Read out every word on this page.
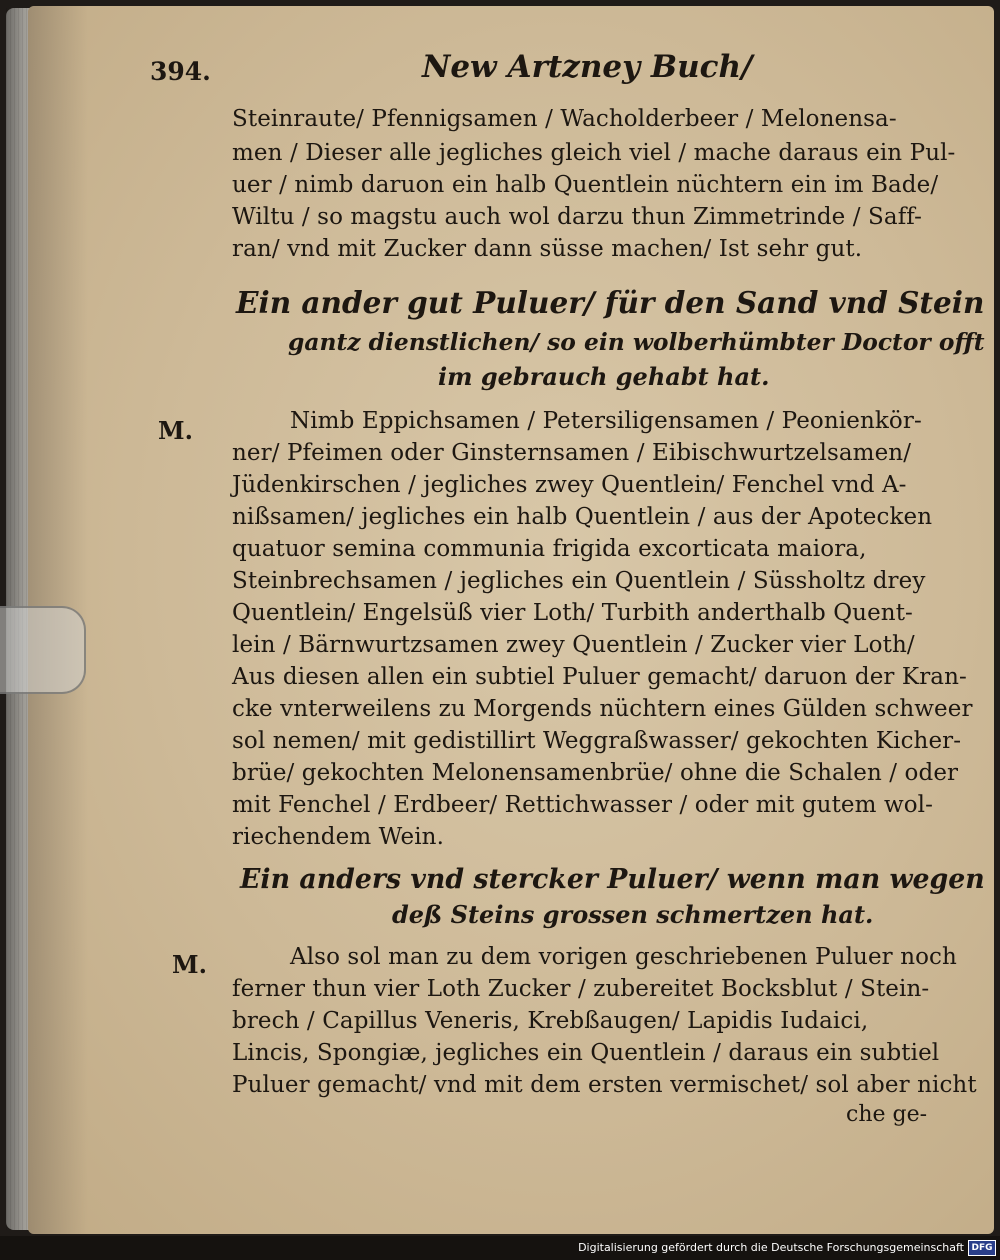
394.	New Artzney Buch/
Steinraute/ Pfennigsamen / Wacholderbeer / Melonensa-
men / Dieser alle jegliches gleich viel / mache daraus ein Pul-
uer / nimb daruon ein halb Quentlein nüchtern ein im Bade/
Wiltu / so magstu auch wol darzu thun Zimmetrinde / Saff-
ran/ vnd mit Zucker dann süsse machen/ Ist sehr gut.
Ein ander gut Puluer/ für den Sand vnd Stein
gantz dienstlichen/ so ein wolberhümbter Doctor offt
im gebrauch gehabt hat.
M.	Nimb Eppichsamen / Petersiligensamen / Peonienkör-
ner/ Pfeimen oder Ginsternsamen / Eibischwurtzelsamen/
Jüdenkirschen / jegliches zwey Quentlein/ Fenchel vnd A-
nißsamen/ jegliches ein halb Quentlein / aus der Apotecken
quatuor semina communia frigida excorticata maiora,
Steinbrechsamen / jegliches ein Quentlein / Süssholtz drey
Quentlein/ Engelsüß vier Loth/ Turbith anderthalb Quent-
lein / Bärnwurtzsamen zwey Quentlein / Zucker vier Loth/
Aus diesen allen ein subtiel Puluer gemacht/ daruon der Kran-
cke vnterweilens zu Morgends nüchtern eines Gülden schweer
sol nemen/ mit gedistillirt Weggraßwasser/ gekochten Kicher-
brüe/ gekochten Melonensamenbrüe/ ohne die Schalen / oder
mit Fenchel / Erdbeer/ Rettichwasser / oder mit gutem wol-
riechendem Wein.
Ein anders vnd stercker Puluer/ wenn man wegen
deß Steins grossen schmertzen hat.
M.	Also sol man zu dem vorigen geschriebenen Puluer noch
ferner thun vier Loth Zucker / zubereitet Bocksblut / Stein-
brech / Capillus Veneris, Krebßaugen/ Lapidis Iudaici,
Lincis, Spongiæ, jegliches ein Quentlein / daraus ein subtiel
Puluer gemacht/ vnd mit dem ersten vermischet/ sol aber nicht
che ge-
Digitalisierung gefördert durch die Deutsche Forschungsgemeinschaft DFG
